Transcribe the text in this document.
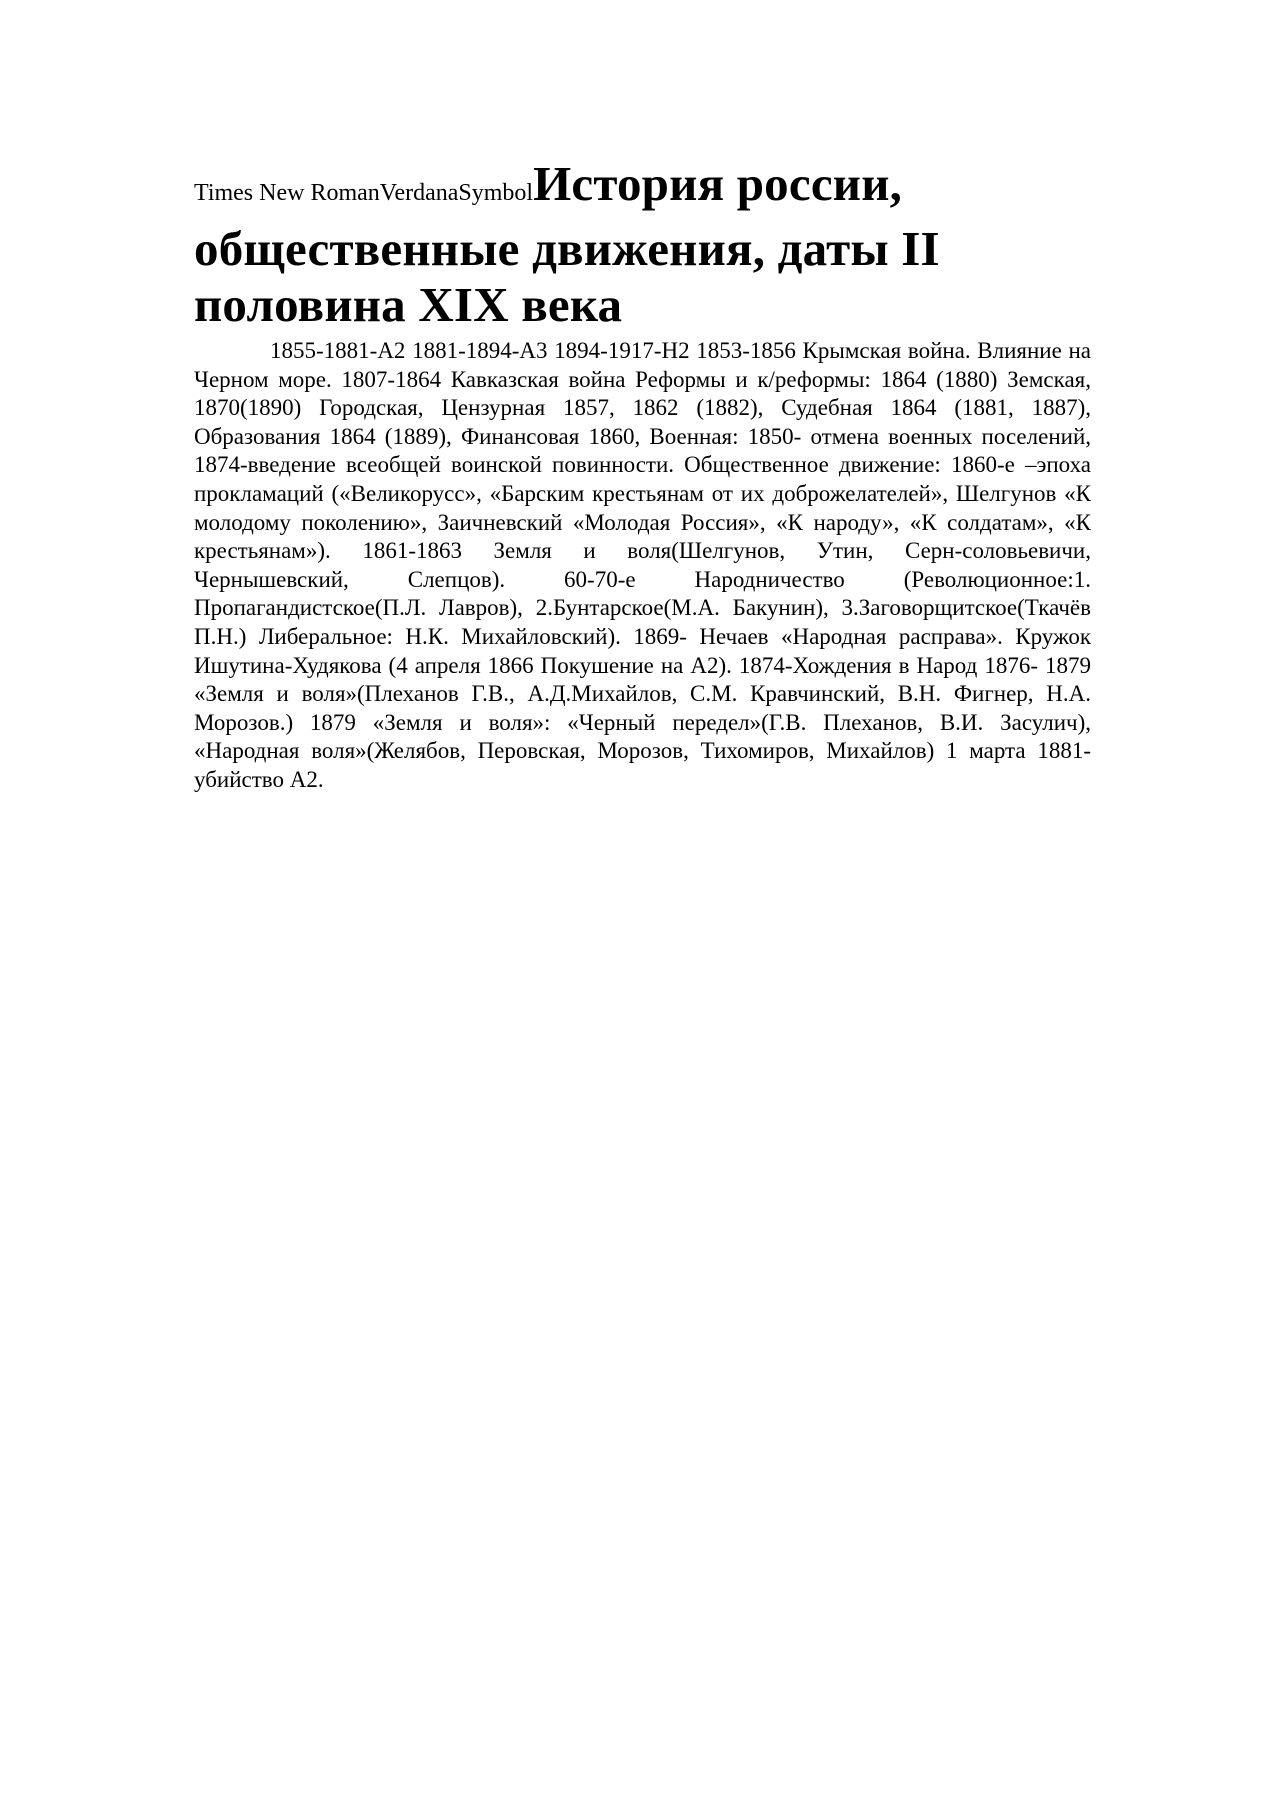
Times New RomanVerdanaSymbolИстория россии, общественные движения, даты II половина XIX века

1855-1881-А2 1881-1894-А3 1894-1917-Н2 1853-1856 Крымская война. Влияние на Черном море. 1807-1864 Кавказская война Реформы и к/реформы: 1864 (1880) Земская, 1870(1890) Городская, Цензурная 1857, 1862 (1882), Судебная 1864 (1881, 1887), Образования 1864 (1889), Финансовая 1860, Военная: 1850- отмена военных поселений, 1874-введение всеобщей воинской повинности. Общественное движение: 1860-е –эпоха прокламаций («Великорусс», «Барским крестьянам от их доброжелателей», Шелгунов «К молодому поколению», Заичневский «Молодая Россия», «К народу», «К солдатам», «К крестьянам»). 1861-1863 Земля и воля(Шелгунов, Утин, Серн-соловьевичи, Чернышевский, Слепцов). 60-70-е Народничество (Революционное:1. Пропагандистское(П.Л. Лавров), 2.Бунтарское(М.А. Бакунин), 3.Заговорщитское(Ткачёв П.Н.) Либеральное: Н.К. Михайловский). 1869- Нечаев «Народная расправа». Кружок Ишутина-Худякова (4 апреля 1866 Покушение на А2). 1874-Хождения в Народ 1876- 1879 «Земля и воля»(Плеханов Г.В., А.Д.Михайлов, С.М. Кравчинский, В.Н. Фигнер, Н.А. Морозов.) 1879 «Земля и воля»: «Черный передел»(Г.В. Плеханов, В.И. Засулич), «Народная воля»(Желябов, Перовская, Морозов, Тихомиров, Михайлов) 1 марта 1881-убийство А2.
